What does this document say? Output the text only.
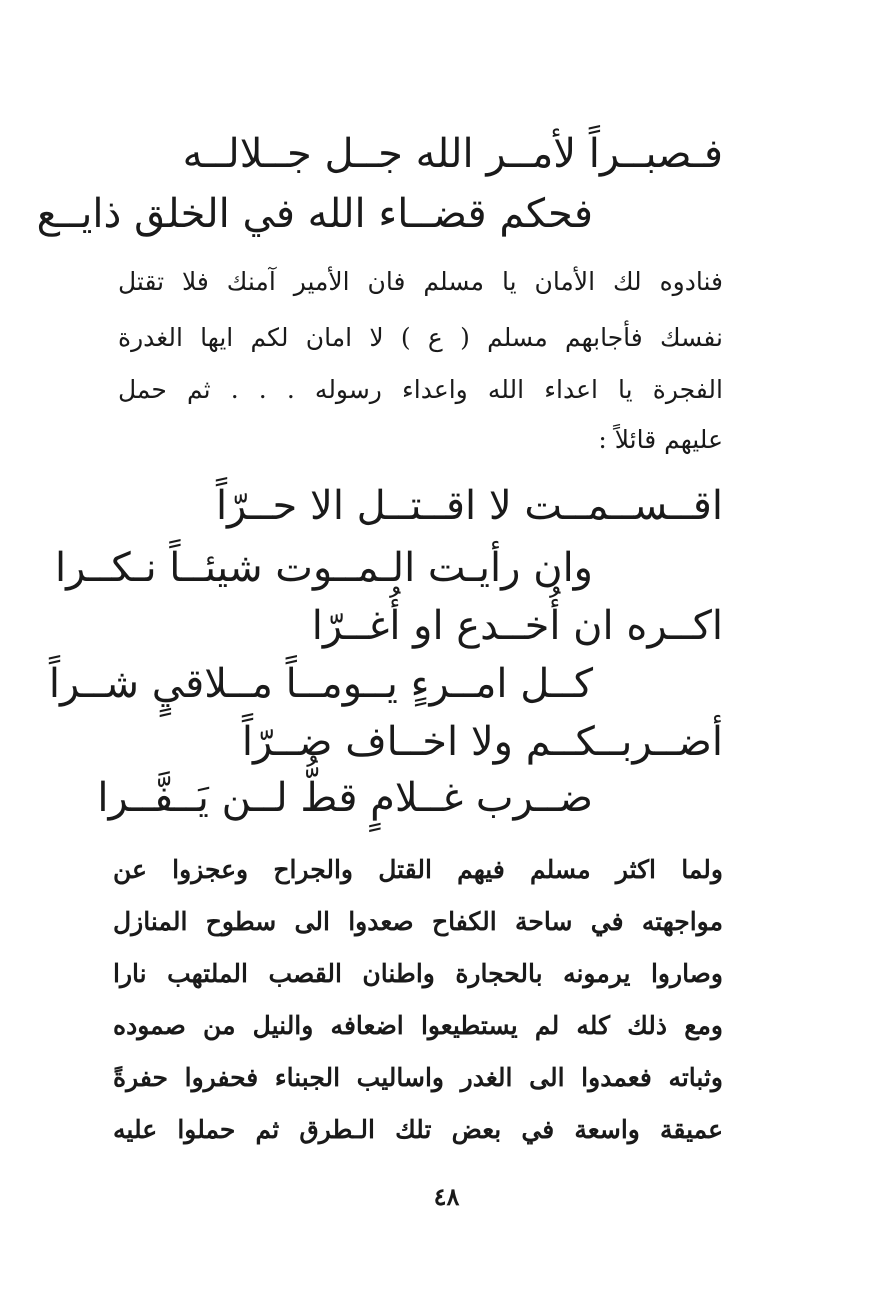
فـصبــراً لأمــر الله جــل جــلالــه
فحكم قضــاء الله في الخلق ذايــع
فنادوه لك الأمان يا مسلم فان الأمير آمنك فلا تقتل
نفسك فأجابهم مسلم ( ع ) لا امان لكم ايها الغدرة
الفجرة يا اعداء الله واعداء رسوله . . . ثم حمل
عليهم قائلاً :
اقــســمــت لا اقــتــل الا حــرّاً
وان رأيـت الـمــوت شيئــاً نـكــرا
اكــره ان أُخــدع او أُغــرّا
كــل امــرءٍ يــومــاً مــلاقيٍ شــراً
أضــربــكــم ولا اخــاف ضــرّاً
ضــرب غــلامٍ قطُّ لــن يَــفَّــرا
ولما اكثر مسلم فيهم القتل والجراح وعجزوا عن
مواجهته في ساحة الكفاح صعدوا الى سطوح المنازل
وصاروا يرمونه بالحجارة واطنان القصب الملتهب نارا
ومع ذلك كله لم يستطيعوا اضعافه والنيل من صموده
وثباته فعمدوا الى الغدر واساليب الجبناء فحفروا حفرةً
عميقة واسعة في بعض تلك الـطرق ثم حملوا عليه
٤٨
